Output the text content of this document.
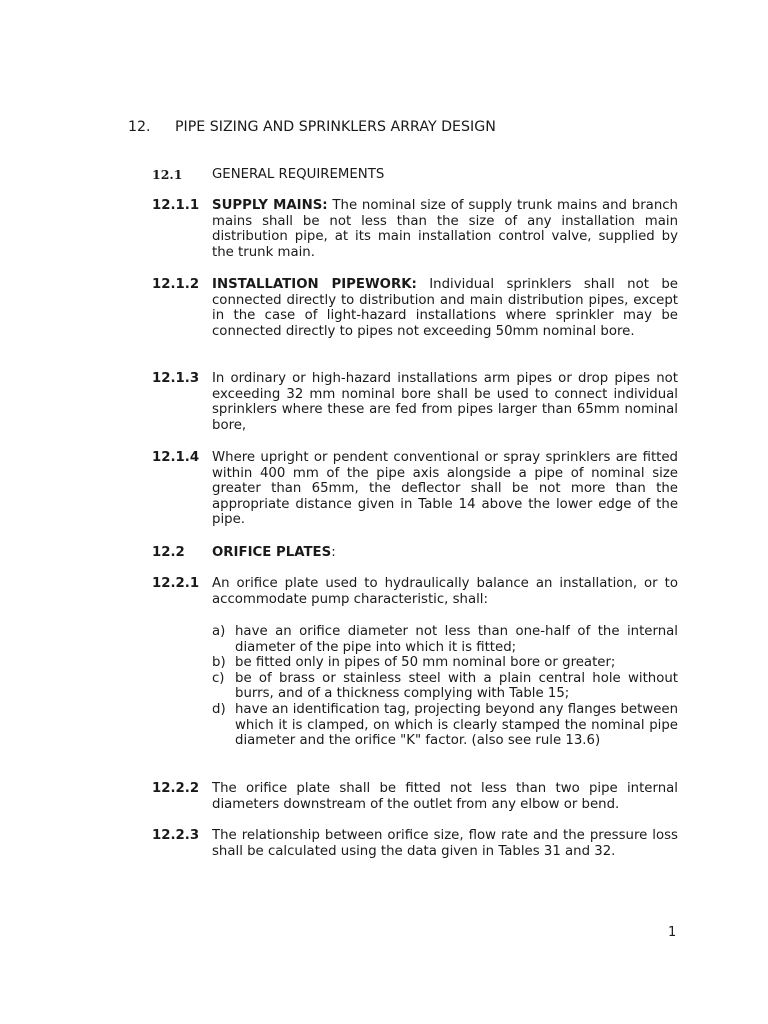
12. PIPE SIZING AND SPRINKLERS ARRAY DESIGN
12.1 GENERAL REQUIREMENTS
12.1.1 SUPPLY MAINS: The nominal size of supply trunk mains and branch mains shall be not less than the size of any installation main distribution pipe, at its main installation control valve, supplied by the trunk main.
12.1.2 INSTALLATION PIPEWORK: Individual sprinklers shall not be connected directly to distribution and main distribution pipes, except in the case of light-hazard installations where sprinkler may be connected directly to pipes not exceeding 50mm nominal bore.
12.1.3 In ordinary or high-hazard installations arm pipes or drop pipes not exceeding 32 mm nominal bore shall be used to connect individual sprinklers where these are fed from pipes larger than 65mm nominal bore,
12.1.4 Where upright or pendent conventional or spray sprinklers are fitted within 400 mm of the pipe axis alongside a pipe of nominal size greater than 65mm, the deflector shall be not more than the appropriate distance given in Table 14 above the lower edge of the pipe.
12.2 ORIFICE PLATES:
12.2.1 An orifice plate used to hydraulically balance an installation, or to accommodate pump characteristic, shall:
a) have an orifice diameter not less than one-half of the internal diameter of the pipe into which it is fitted;
b) be fitted only in pipes of 50 mm nominal bore or greater;
c) be of brass or stainless steel with a plain central hole without burrs, and of a thickness complying with Table 15;
d) have an identification tag, projecting beyond any flanges between which it is clamped, on which is clearly stamped the nominal pipe diameter and the orifice "K" factor. (also see rule 13.6)
12.2.2 The orifice plate shall be fitted not less than two pipe internal diameters downstream of the outlet from any elbow or bend.
12.2.3 The relationship between orifice size, flow rate and the pressure loss shall be calculated using the data given in Tables 31 and 32.
1
